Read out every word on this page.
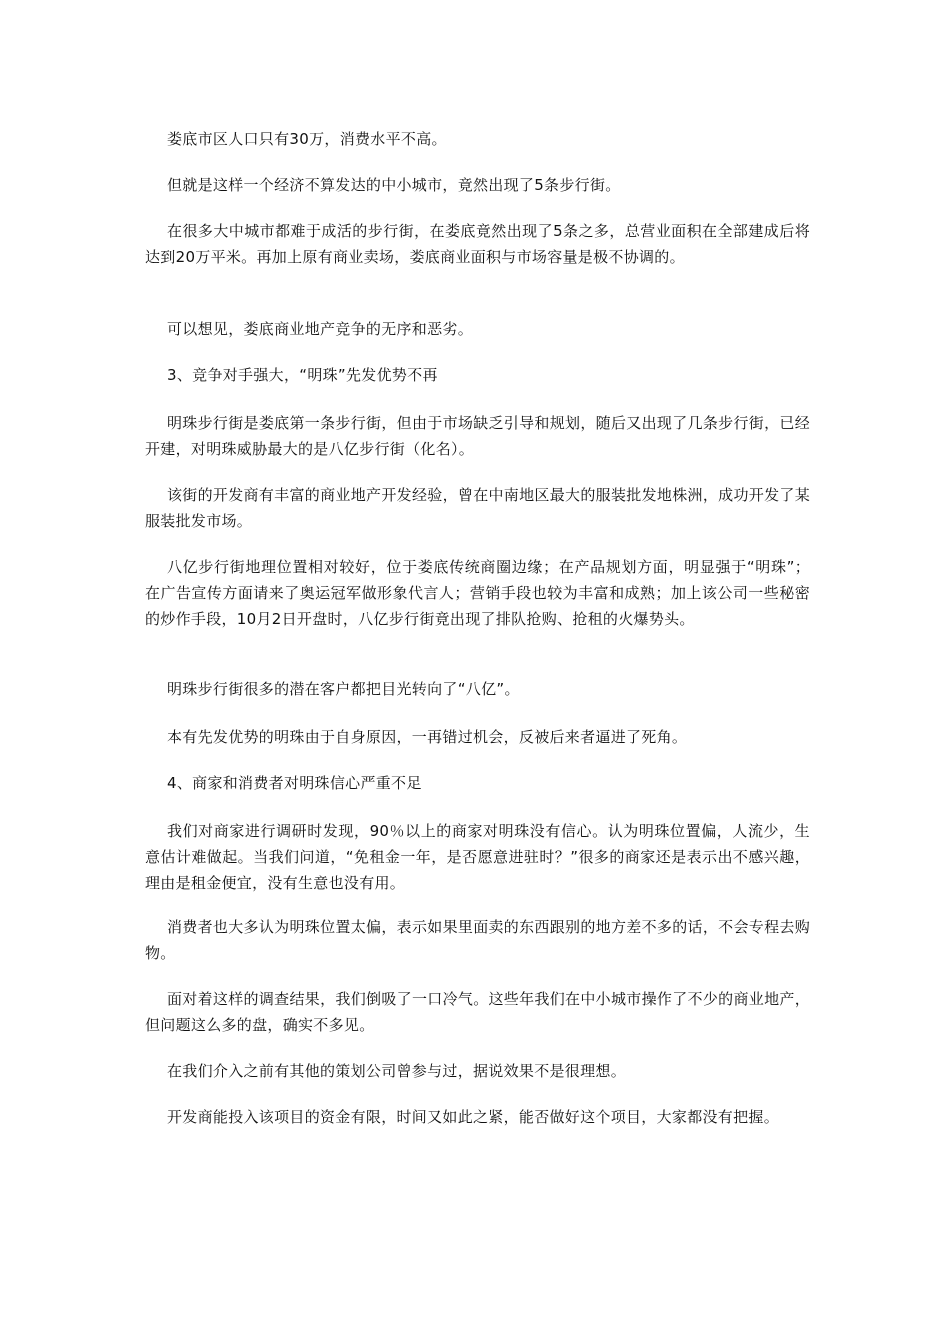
娄底市区人口只有30万，消费水平不高。

但就是这样一个经济不算发达的中小城市，竟然出现了5条步行街。

在很多大中城市都难于成活的步行街，在娄底竟然出现了5条之多，总营业面积在全部建成后将达到20万平米。再加上原有商业卖场，娄底商业面积与市场容量是极不协调的。

可以想见，娄底商业地产竞争的无序和恶劣。

3、竞争对手强大，“明珠”先发优势不再

明珠步行街是娄底第一条步行街，但由于市场缺乏引导和规划，随后又出现了几条步行街，已经开建，对明珠威胁最大的是八亿步行街（化名）。

该街的开发商有丰富的商业地产开发经验，曾在中南地区最大的服装批发地株洲，成功开发了某服装批发市场。

八亿步行街地理位置相对较好，位于娄底传统商圈边缘；在产品规划方面，明显强于“明珠”；在广告宣传方面请来了奥运冠军做形象代言人；营销手段也较为丰富和成熟；加上该公司一些秘密的炒作手段，10月2日开盘时，八亿步行街竟出现了排队抢购、抢租的火爆势头。

明珠步行街很多的潜在客户都把目光转向了“八亿”。

本有先发优势的明珠由于自身原因，一再错过机会，反被后来者逼进了死角。

4、商家和消费者对明珠信心严重不足

我们对商家进行调研时发现，90％以上的商家对明珠没有信心。认为明珠位置偏，人流少，生意估计难做起。当我们问道，“免租金一年，是否愿意进驻时？”很多的商家还是表示出不感兴趣，理由是租金便宜，没有生意也没有用。

消费者也大多认为明珠位置太偏，表示如果里面卖的东西跟别的地方差不多的话，不会专程去购物。

面对着这样的调查结果，我们倒吸了一口冷气。这些年我们在中小城市操作了不少的商业地产，但问题这么多的盘，确实不多见。

在我们介入之前有其他的策划公司曾参与过，据说效果不是很理想。

开发商能投入该项目的资金有限，时间又如此之紧，能否做好这个项目，大家都没有把握。
